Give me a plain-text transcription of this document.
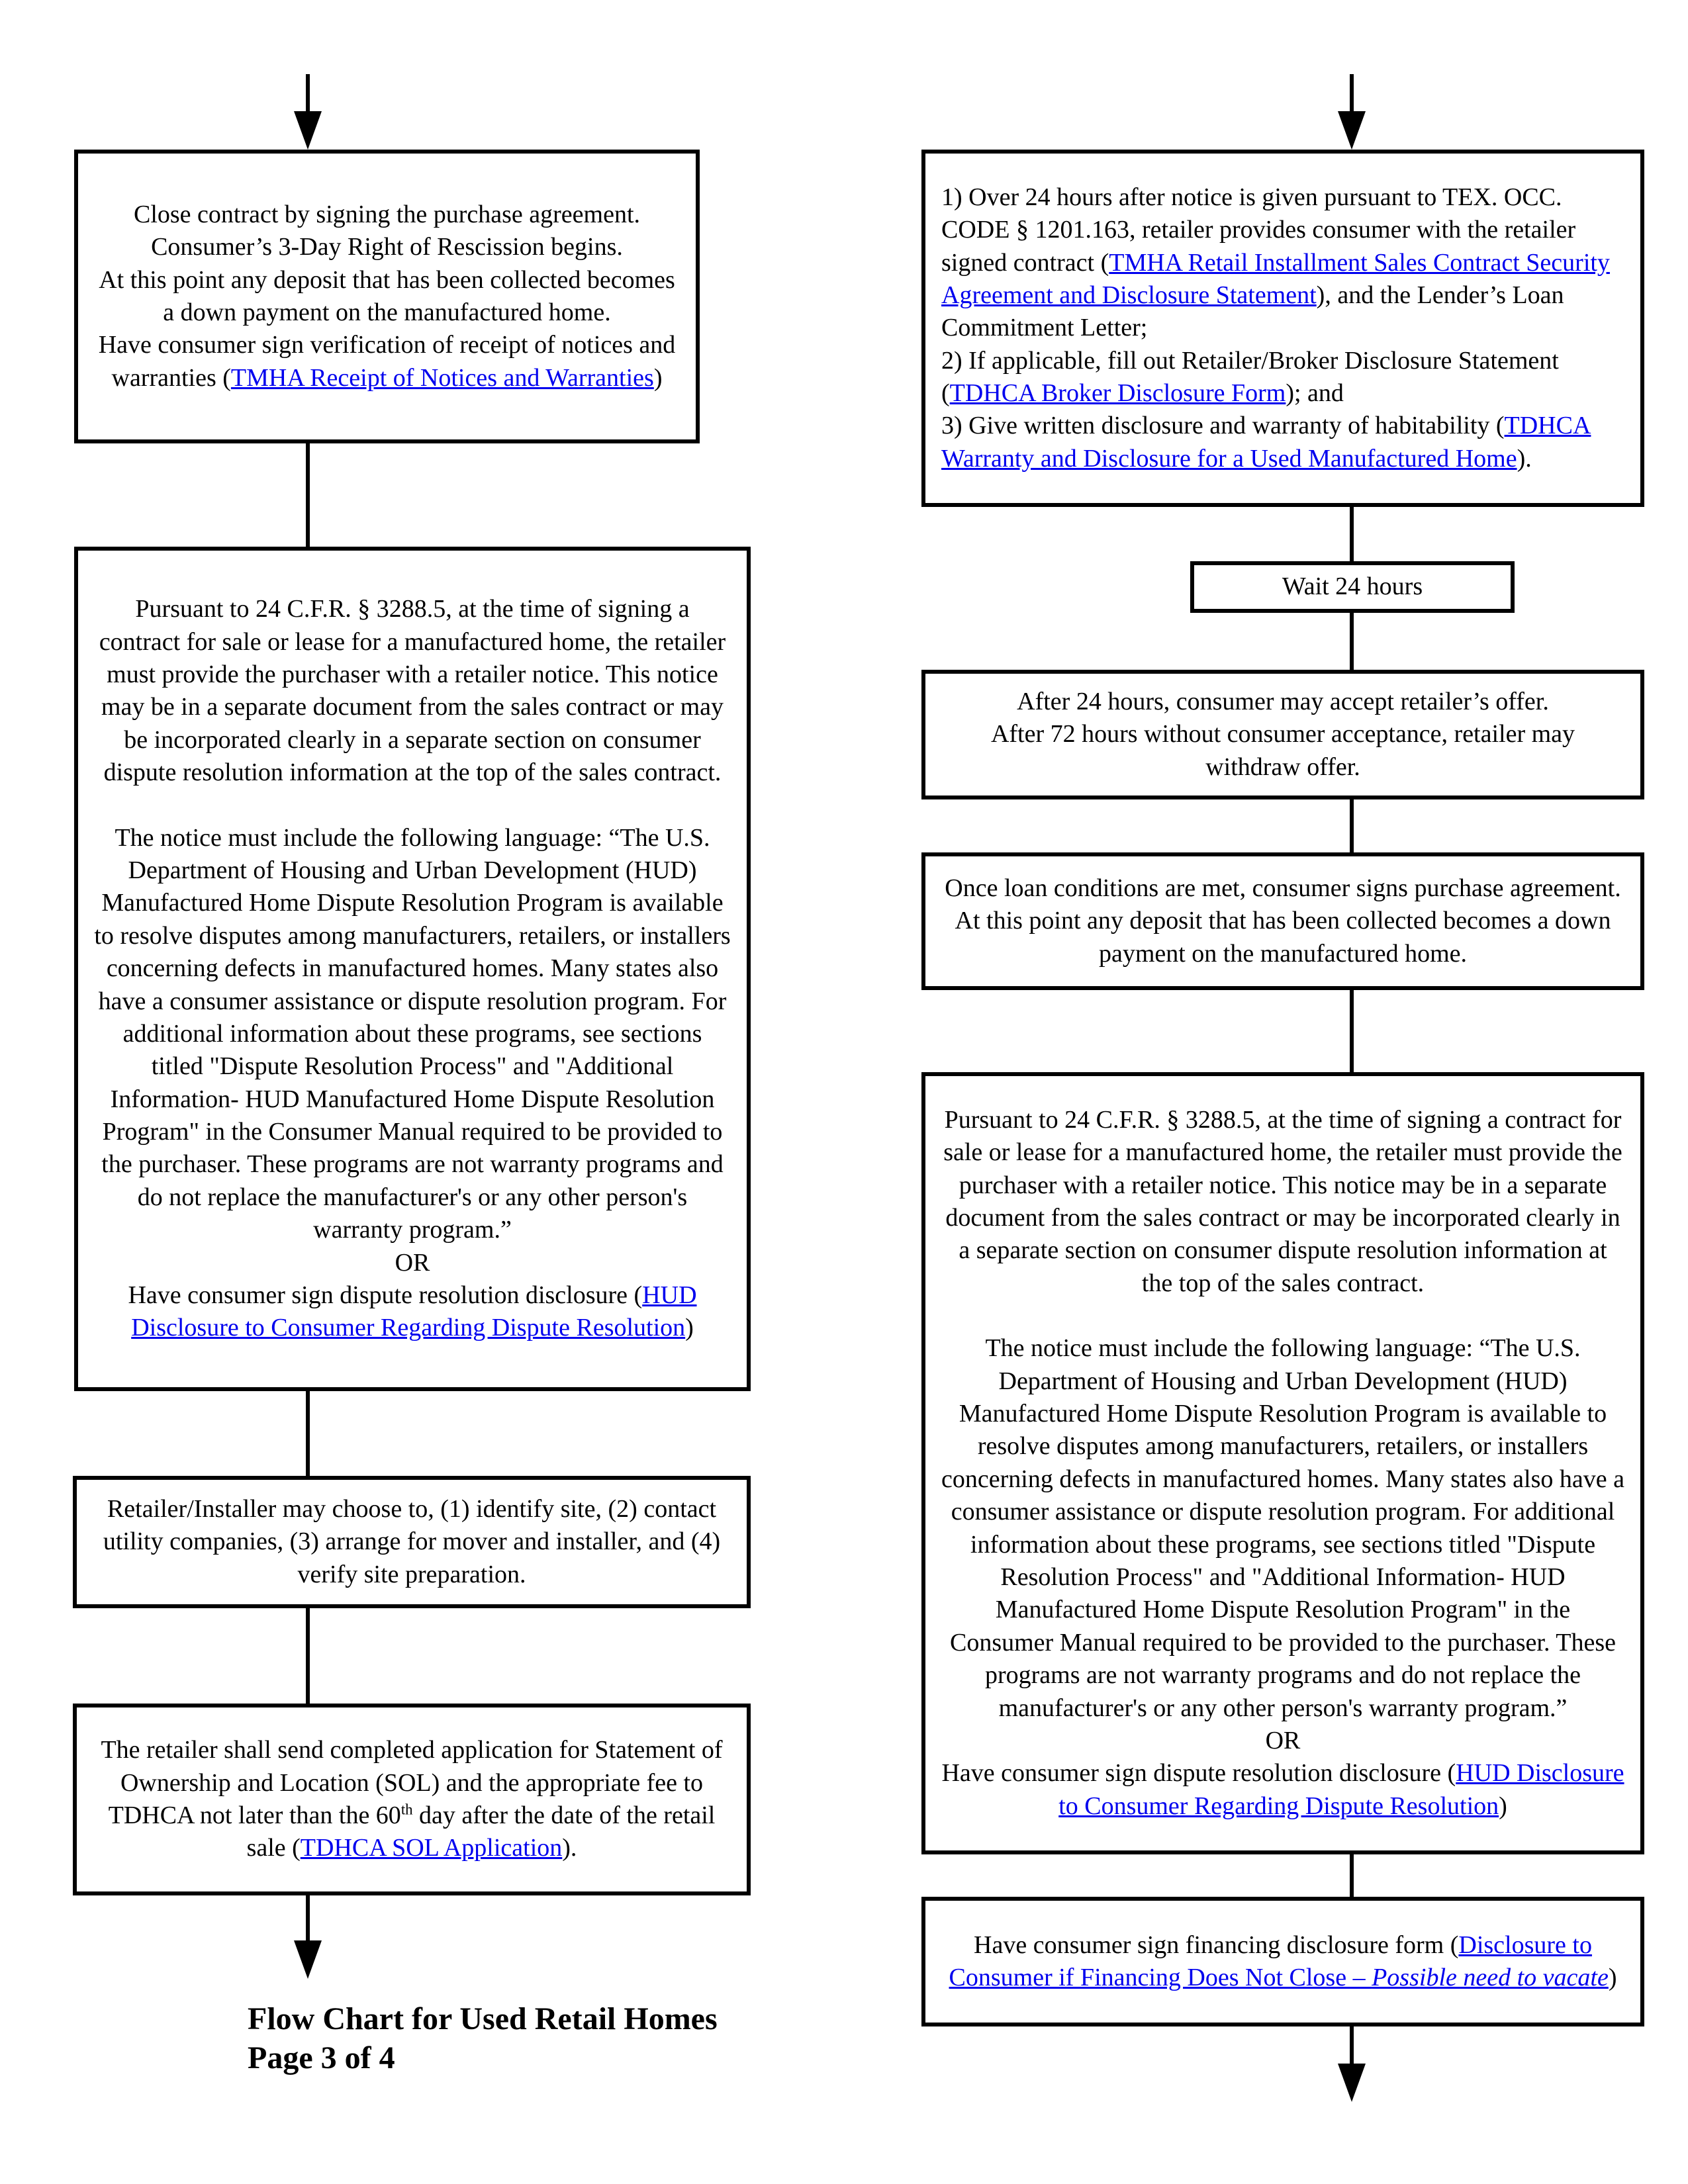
Close contract by signing the purchase agreement.
Consumer’s 3-Day Right of Rescission begins.
At this point any deposit that has been collected becomes a down payment on the manufactured home.
Have consumer sign verification of receipt of notices and warranties (TMHA Receipt of Notices and Warranties)
Pursuant to 24 C.F.R. § 3288.5, at the time of signing a contract for sale or lease for a manufactured home, the retailer must provide the purchaser with a retailer notice. This notice may be in a separate document from the sales contract or may be incorporated clearly in a separate section on consumer dispute resolution information at the top of the sales contract.
The notice must include the following language: “The U.S. Department of Housing and Urban Development (HUD) Manufactured Home Dispute Resolution Program is available to resolve disputes among manufacturers, retailers, or installers concerning defects in manufactured homes. Many states also have a consumer assistance or dispute resolution program. For additional information about these programs, see sections titled "Dispute Resolution Process" and "Additional Information- HUD Manufactured Home Dispute Resolution Program" in the Consumer Manual required to be provided to the purchaser. These programs are not warranty programs and do not replace the manufacturer's or any other person's warranty program.”
OR
Have consumer sign dispute resolution disclosure (HUD Disclosure to Consumer Regarding Dispute Resolution)
Retailer/Installer may choose to, (1) identify site, (2) contact utility companies, (3) arrange for mover and installer, and (4) verify site preparation.
The retailer shall send completed application for Statement of Ownership and Location (SOL) and the appropriate fee to TDHCA not later than the 60th day after the date of the retail sale (TDHCA SOL Application).
Flow Chart for Used Retail Homes
Page 3 of 4
1) Over 24 hours after notice is given pursuant to TEX. OCC. CODE § 1201.163, retailer provides consumer with the retailer signed contract (TMHA Retail Installment Sales Contract Security Agreement and Disclosure Statement), and the Lender’s Loan Commitment Letter;
2) If applicable, fill out Retailer/Broker Disclosure Statement (TDHCA Broker Disclosure Form); and
3) Give written disclosure and warranty of habitability (TDHCA Warranty and Disclosure for a Used Manufactured Home).
Wait 24 hours
After 24 hours, consumer may accept retailer’s offer.
After 72 hours without consumer acceptance, retailer may withdraw offer.
Once loan conditions are met, consumer signs purchase agreement.
At this point any deposit that has been collected becomes a down payment on the manufactured home.
Pursuant to 24 C.F.R. § 3288.5, at the time of signing a contract for sale or lease for a manufactured home, the retailer must provide the purchaser with a retailer notice. This notice may be in a separate document from the sales contract or may be incorporated clearly in a separate section on consumer dispute resolution information at the top of the sales contract.
The notice must include the following language: “The U.S. Department of Housing and Urban Development (HUD) Manufactured Home Dispute Resolution Program is available to resolve disputes among manufacturers, retailers, or installers concerning defects in manufactured homes. Many states also have a consumer assistance or dispute resolution program. For additional information about these programs, see sections titled "Dispute Resolution Process" and "Additional Information- HUD Manufactured Home Dispute Resolution Program" in the Consumer Manual required to be provided to the purchaser. These programs are not warranty programs and do not replace the manufacturer's or any other person's warranty program.”
OR
Have consumer sign dispute resolution disclosure (HUD Disclosure to Consumer Regarding Dispute Resolution)
Have consumer sign financing disclosure form (Disclosure to Consumer if Financing Does Not Close – Possible need to vacate)
